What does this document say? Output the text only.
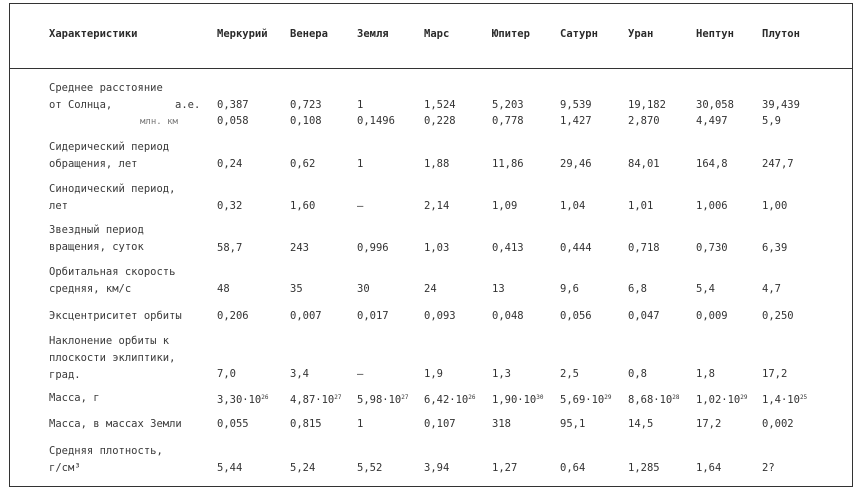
Характеристики	Меркурий Венера	Земля	Марс	Юпитер	Сатурн	Уран	Нептун	Плутон
Среднее расстояние
от Солнца,
млн. км
а.е. 0,387	0,723	1	1,524	5,203	9,539	19,182	30,058	39,439
0,058	0,108	0,1496	0,228	0,778	1,427	2,870	4,497	5,9
Сидерический период
обращения, лет	0,24	0,62	1	1,88	11,86	29,46	84,01	164,8	247,7
Синодический период,
лет	0,32	1,60	—	2,14	1,09	1,04	1,01	1,006	1,00
Звездный период
вращения, суток	58,7	243	0,996	1,03	0,413	0,444	0,718	0,730	6,39
Орбитальная скорость
средняя, км/с	48	35	30	24	13	9,6	6,8	5,4	4,7
Эксцентриситет орбиты	0,206	0,007	0,017	0,093	0,048	0,056	0,047	0,009	0,250
Наклонение орбиты к
плоскости эклиптики,
град.	7,0	3,4	—	1,9	1,3	2,5	0,8	1,8	17,2
Масса, г	$3,30\cdot 10^{26}$ $4,87\cdot 10^{27}$ $5,98\cdot 10^{27}$ $6,42\cdot 10^{26}$ $1,90\cdot 10^{30}$ $5,69\cdot 10^{29}$ $8,68\cdot 10^{28}$ $1,02\cdot 10^{29}$ $1,4\cdot 10^{25}$
Масса, в массах Земли	0,055	0,815	1	0,107	318	95,1	14,5	17,2	0,002
Средняя плотность,
г/см³	5,44	5,24	5,52	3,94	1,27	0,64	1,285	1,64	2?
